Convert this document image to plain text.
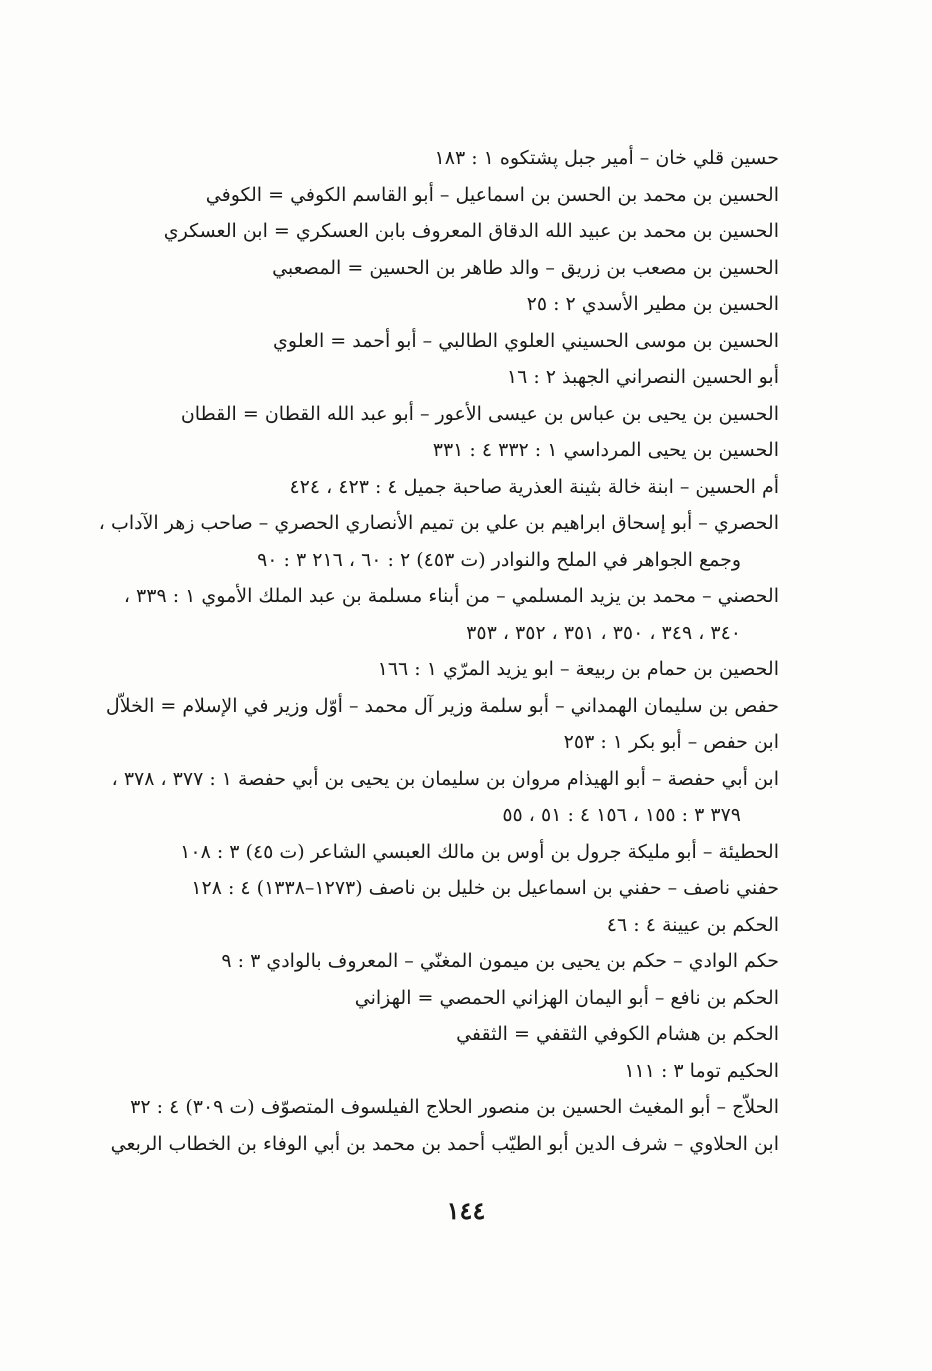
حسين قلي خان – أمير جبل پشتكوه ١ : ١٨٣
الحسين بن محمد بن الحسن بن اسماعيل – أبو القاسم الكوفي = الكوفي
الحسين بن محمد بن عبيد الله الدقاق المعروف بابن العسكري = ابن العسكري
الحسين بن مصعب بن زريق – والد طاهر بن الحسين = المصعبي
الحسين بن مطير الأسدي ٢ : ٢٥
الحسين بن موسى الحسيني العلوي الطالبي – أبو أحمد = العلوي
أبو الحسين النصراني الجهبذ ٢ : ١٦
الحسين بن يحيى بن عباس بن عيسى الأعور – أبو عبد الله القطان = القطان
الحسين بن يحيى المرداسي ١ : ٣٣٢ ٤ : ٣٣١
أم الحسين – ابنة خالة بثينة العذرية صاحبة جميل ٤ : ٤٢٣ ، ٤٢٤
الحصري – أبو إسحاق ابراهيم بن علي بن تميم الأنصاري الحصري – صاحب زهر الآداب ،
وجمع الجواهر في الملح والنوادر (ت ٤٥٣) ٢ : ٦٠ ، ٢١٦ ٣ : ٩٠
الحصني – محمد بن يزيد المسلمي – من أبناء مسلمة بن عبد الملك الأموي ١ : ٣٣٩ ،
٣٤٠ ، ٣٤٩ ، ٣٥٠ ، ٣٥١ ، ٣٥٢ ، ٣٥٣
الحصين بن حمام بن ربيعة – ابو يزيد المرّي ١ : ١٦٦
حفص بن سليمان الهمداني – أبو سلمة وزير آل محمد – أوّل وزير في الإسلام = الخلاّل
ابن حفص – أبو بكر ١ : ٢٥٣
ابن أبي حفصة – أبو الهيذام مروان بن سليمان بن يحيى بن أبي حفصة ١ : ٣٧٧ ، ٣٧٨ ،
٣٧٩ ٣ : ١٥٥ ، ١٥٦ ٤ : ٥١ ، ٥٥
الحطيئة – أبو مليكة جرول بن أوس بن مالك العبسي الشاعر (ت ٤٥) ٣ : ١٠٨
حفني ناصف – حفني بن اسماعيل بن خليل بن ناصف (١٢٧٣–١٣٣٨) ٤ : ١٢٨
الحكم بن عيينة ٤ : ٤٦
حكم الوادي – حكم بن يحيى بن ميمون المغنّي – المعروف بالوادي ٣ : ٩
الحكم بن نافع – أبو اليمان الهزاني الحمصي = الهزاني
الحكم بن هشام الكوفي الثقفي = الثقفي
الحكيم توما ٣ : ١١١
الحلاّج – أبو المغيث الحسين بن منصور الحلاج الفيلسوف المتصوّف (ت ٣٠٩) ٤ : ٣٢
ابن الحلاوي – شرف الدين أبو الطيّب أحمد بن محمد بن أبي الوفاء بن الخطاب الربعي
١٤٤
